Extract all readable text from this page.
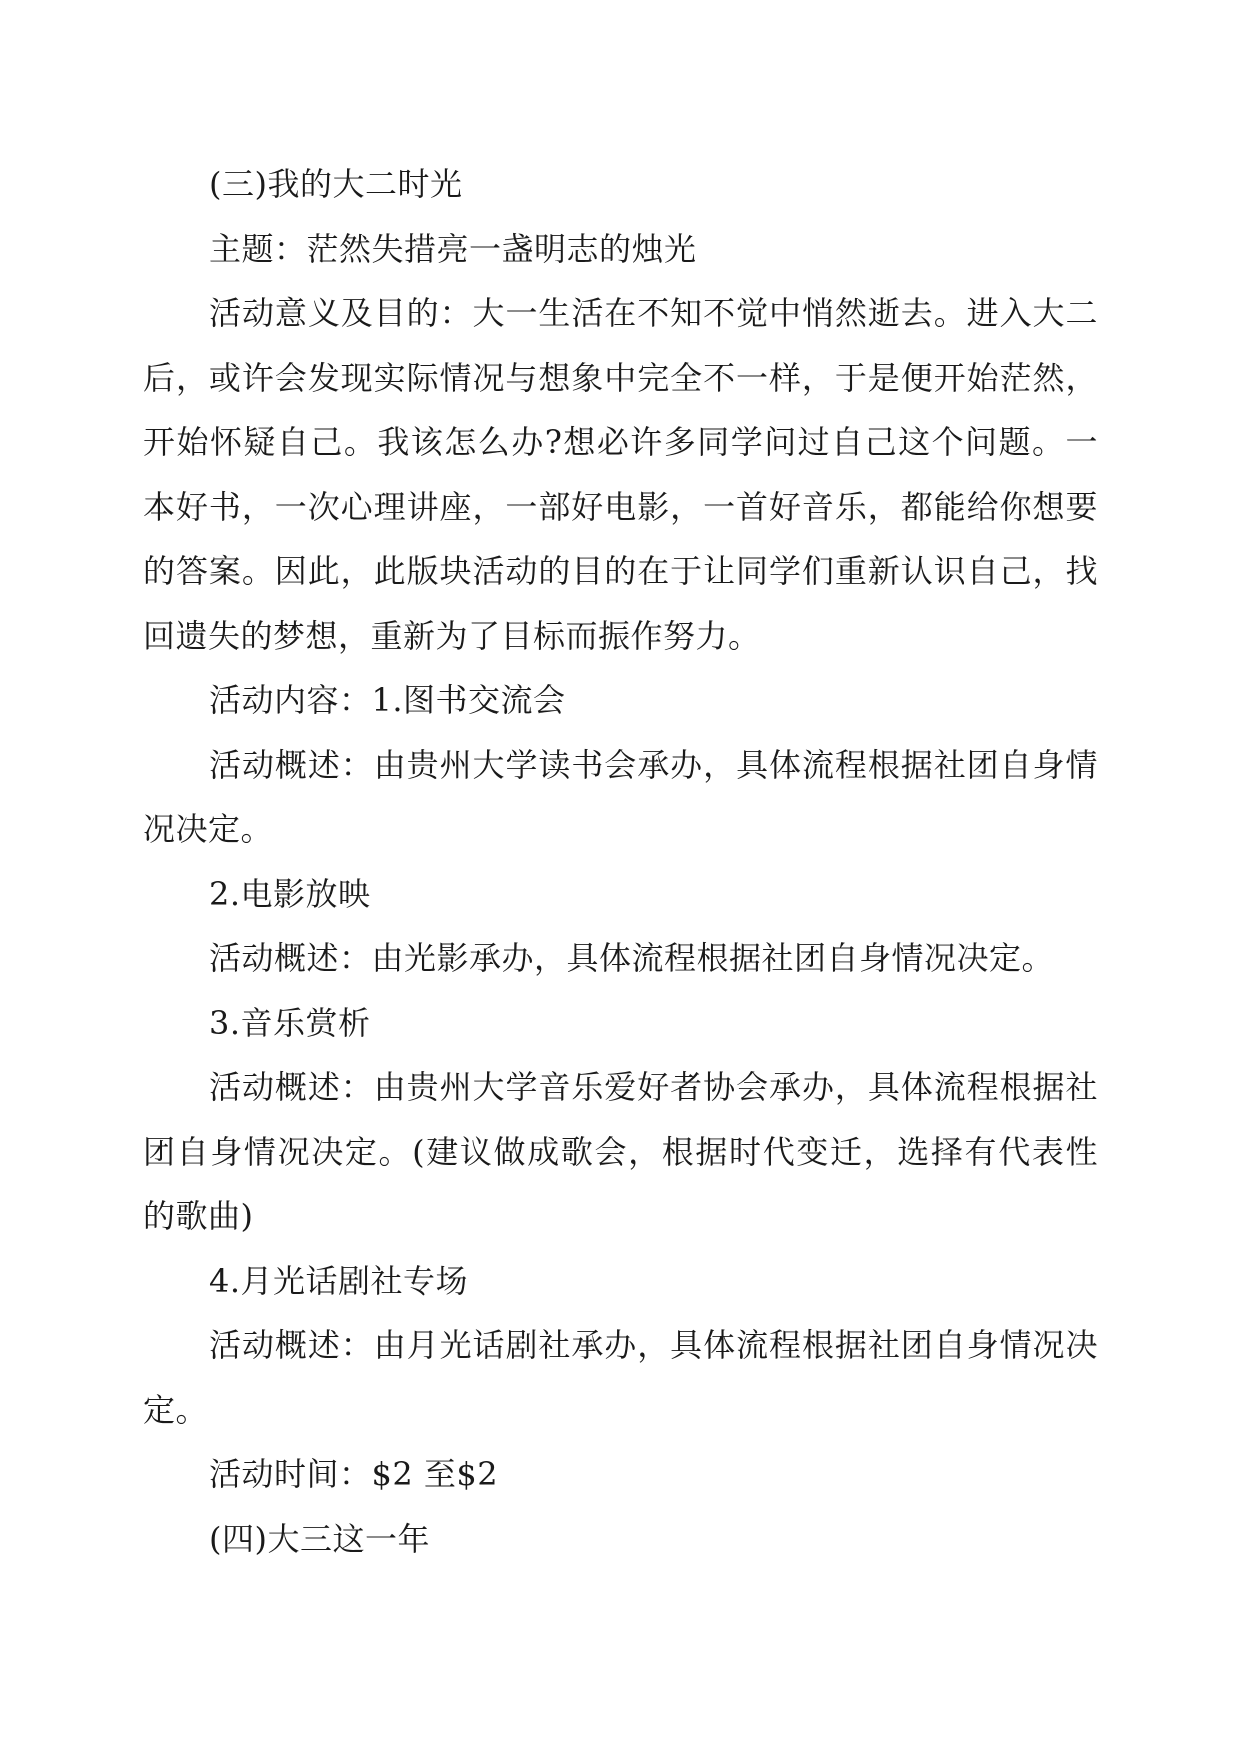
(三)我的大二时光

主题：茫然失措亮一盏明志的烛光

活动意义及目的：大一生活在不知不觉中悄然逝去。进入大二后，或许会发现实际情况与想象中完全不一样，于是便开始茫然，开始怀疑自己。我该怎么办?想必许多同学问过自己这个问题。一本好书，一次心理讲座，一部好电影，一首好音乐，都能给你想要的答案。因此，此版块活动的目的在于让同学们重新认识自己，找回遗失的梦想，重新为了目标而振作努力。

活动内容：1.图书交流会

活动概述：由贵州大学读书会承办，具体流程根据社团自身情况决定。

2.电影放映

活动概述：由光影承办，具体流程根据社团自身情况决定。

3.音乐赏析

活动概述：由贵州大学音乐爱好者协会承办，具体流程根据社团自身情况决定。(建议做成歌会，根据时代变迁，选择有代表性的歌曲)

4.月光话剧社专场

活动概述：由月光话剧社承办，具体流程根据社团自身情况决定。

活动时间：$2 至$2

(四)大三这一年
